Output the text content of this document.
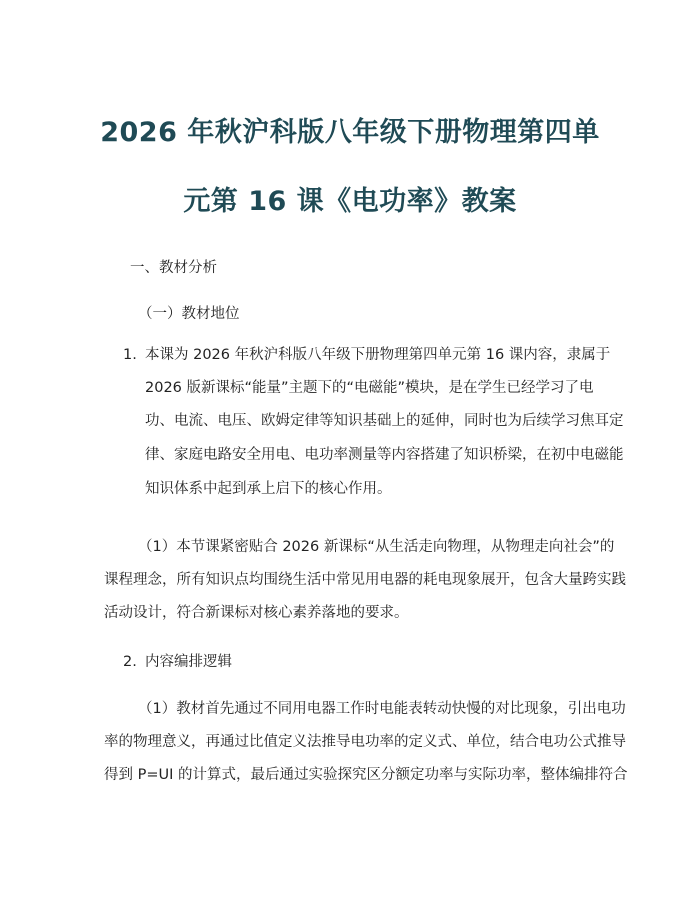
2026 年秋沪科版八年级下册物理第四单
元第 16 课《电功率》教案
一、教材分析
（一）教材地位
1. 本课为 2026 年秋沪科版八年级下册物理第四单元第 16 课内容，隶属于
2026 版新课标“能量”主题下的“电磁能”模块，是在学生已经学习了电
功、电流、电压、欧姆定律等知识基础上的延伸，同时也为后续学习焦耳定
律、家庭电路安全用电、电功率测量等内容搭建了知识桥梁，在初中电磁能
知识体系中起到承上启下的核心作用。
（1）本节课紧密贴合 2026 新课标“从生活走向物理，从物理走向社会”的
课程理念，所有知识点均围绕生活中常见用电器的耗电现象展开，包含大量跨实践
活动设计，符合新课标对核心素养落地的要求。
2. 内容编排逻辑
（1）教材首先通过不同用电器工作时电能表转动快慢的对比现象，引出电功
率的物理意义，再通过比值定义法推导电功率的定义式、单位，结合电功公式推导
得到 P=UI 的计算式，最后通过实验探究区分额定功率与实际功率，整体编排符合
